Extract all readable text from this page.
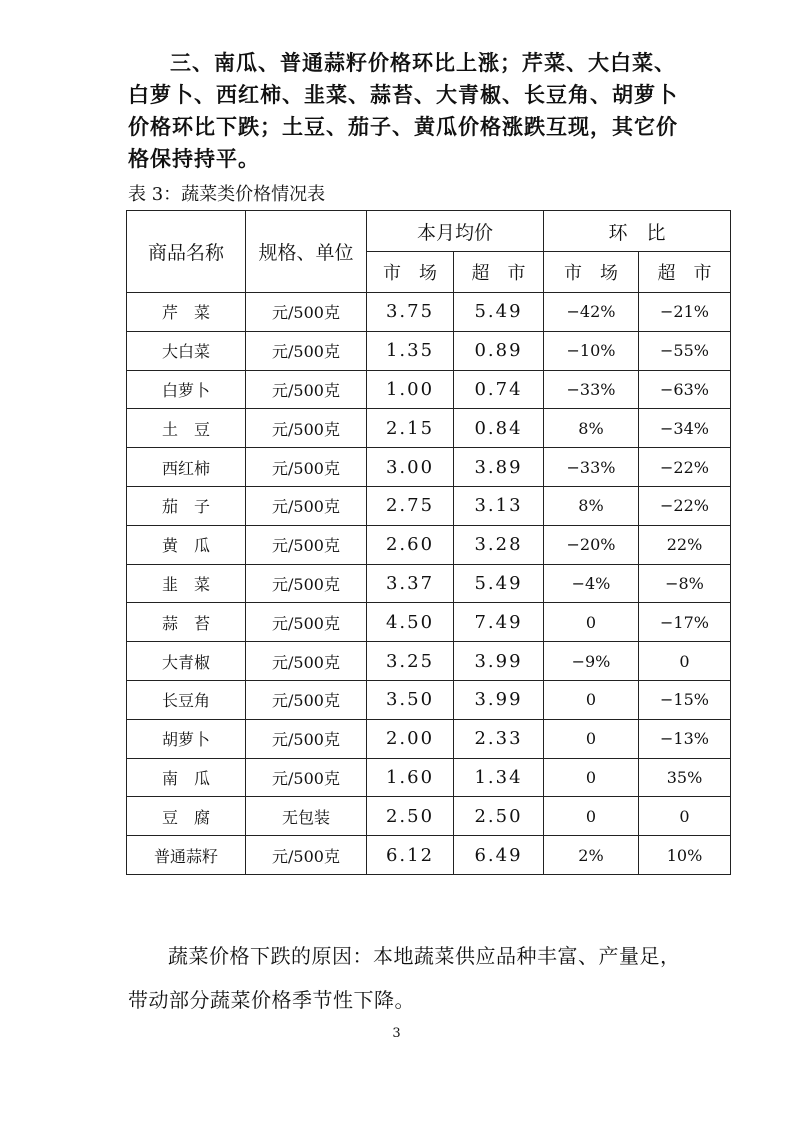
三、南瓜、普通蒜籽价格环比上涨；芹菜、大白菜、白萝卜、西红柿、韭菜、蒜苔、大青椒、长豆角、胡萝卜价格环比下跌；土豆、茄子、黄瓜价格涨跌互现，其它价格保持持平。
表 3：蔬菜类价格情况表
商品名称	规格、单位	本月均价		环　比	
		市　场	超　市	市　场	超　市
芹　菜	元/500克	3.75	5.49	−42%	−21%
大白菜	元/500克	1.35	0.89	−10%	−55%
白萝卜	元/500克	1.00	0.74	−33%	−63%
土　豆	元/500克	2.15	0.84	8%	−34%
西红柿	元/500克	3.00	3.89	−33%	−22%
茄　子	元/500克	2.75	3.13	8%	−22%
黄　瓜	元/500克	2.60	3.28	−20%	22%
韭　菜	元/500克	3.37	5.49	−4%	−8%
蒜　苔	元/500克	4.50	7.49	0	−17%
大青椒	元/500克	3.25	3.99	−9%	0
长豆角	元/500克	3.50	3.99	0	−15%
胡萝卜	元/500克	2.00	2.33	0	−13%
南　瓜	元/500克	1.60	1.34	0	35%
豆　腐	无包装	2.50	2.50	0	0
普通蒜籽	元/500克	6.12	6.49	2%	10%
蔬菜价格下跌的原因：本地蔬菜供应品种丰富、产量足，带动部分蔬菜价格季节性下降。
3
